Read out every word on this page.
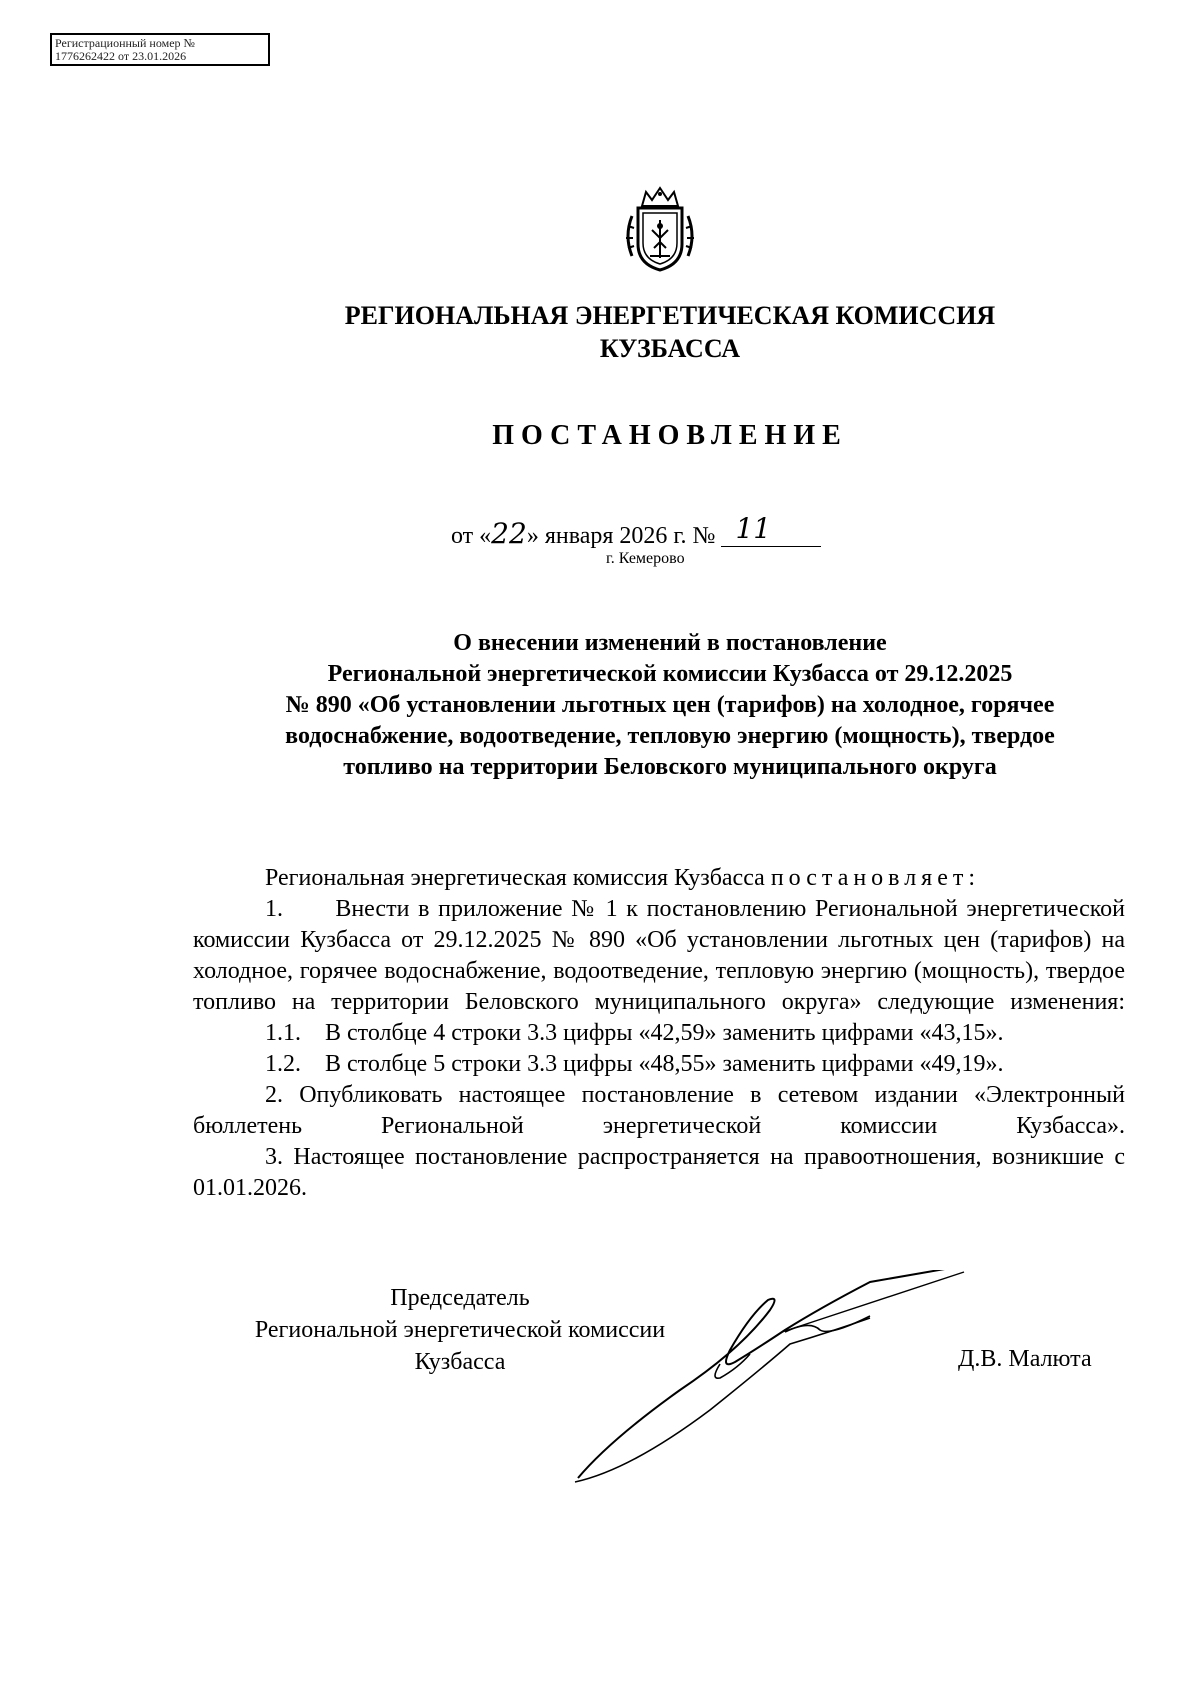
Регистрационный номер №
1776262422 от 23.01.2026
РЕГИОНАЛЬНАЯ ЭНЕРГЕТИЧЕСКАЯ КОМИССИЯ
КУЗБАССА
ПОСТАНОВЛЕНИЕ
от «22» января 2026 г. № 11
г. Кемерово
О внесении изменений в постановление
Региональной энергетической комиссии Кузбасса от 29.12.2025
№ 890 «Об установлении льготных цен (тарифов) на холодное, горячее
водоснабжение, водоотведение, тепловую энергию (мощность), твердое
топливо на территории Беловского муниципального округа

Региональная энергетическая комиссия Кузбасса постановляет:

1.      Внести в приложение № 1 к постановлению Региональной энергетической комиссии Кузбасса от 29.12.2025 № 890 «Об установлении льготных цен (тарифов) на холодное, горячее водоснабжение, водоотведение, тепловую энергию (мощность), твердое топливо на территории Беловского муниципального округа» следующие изменения:

1.1.    В столбце 4 строки 3.3 цифры «42,59» заменить цифрами «43,15».

1.2.    В столбце 5 строки 3.3 цифры «48,55» заменить цифрами «49,19».

2. Опубликовать настоящее постановление в сетевом издании «Электронный бюллетень Региональной энергетической комиссии Кузбасса».

3. Настоящее постановление распространяется на правоотношения, возникшие с 01.01.2026.

Председатель
Региональной энергетической комиссии
Кузбасса	Д.В. Малюта
